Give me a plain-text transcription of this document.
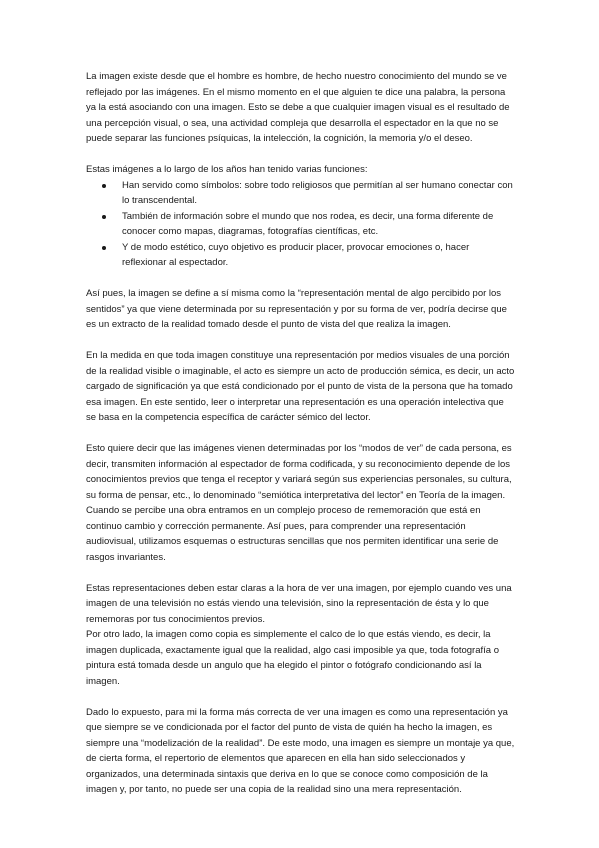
La imagen existe desde que el hombre es hombre, de hecho nuestro conocimiento del mundo se ve reflejado por las imágenes. En el mismo momento en el que alguien te dice una palabra, la persona ya la está asociando con una imagen. Esto se debe a que cualquier imagen visual es el resultado de una percepción visual, o sea, una actividad compleja que desarrolla el espectador en la que no se puede separar las funciones psíquicas, la intelección, la cognición, la memoria y/o el deseo.

Estas imágenes a lo largo de los años han tenido varias funciones:

Han servido como símbolos: sobre todo religiosos que permitían al ser humano conectar con lo transcendental.
También de información sobre el mundo que nos rodea, es decir, una forma diferente de conocer como mapas, diagramas, fotografías científicas, etc.
Y de modo estético, cuyo objetivo es producir placer, provocar emociones o, hacer reflexionar al espectador.

Así pues, la imagen se define a sí misma como la “representación mental de algo percibido por los sentidos” ya que viene determinada por su representación y por su forma de ver, podría decirse que es un extracto de la realidad tomado desde el punto de vista del que realiza la imagen.

En la medida en que toda imagen constituye una representación por medios visuales de una porción de la realidad visible o imaginable, el acto es siempre un acto de producción sémica, es decir, un acto cargado de significación ya que está condicionado por el punto de vista de la persona que ha tomado esa imagen. En este sentido, leer o interpretar una representación es una operación intelectiva que se basa en la competencia específica de carácter sémico del lector.

Esto quiere decir que las imágenes vienen determinadas por los “modos de ver” de cada persona, es decir, transmiten información al espectador de forma codificada, y su reconocimiento depende de los conocimientos previos que tenga el receptor y variará según sus experiencias personales, su cultura, su forma de pensar, etc., lo denominado “semiótica interpretativa del lector” en Teoría de la imagen. Cuando se percibe una obra entramos en un complejo proceso de rememoración que está en continuo cambio y corrección permanente. Así pues, para comprender una representación audiovisual, utilizamos esquemas o estructuras sencillas que nos permiten identificar una serie de rasgos invariantes.

Estas representaciones deben estar claras a la hora de ver una imagen, por ejemplo cuando ves una imagen de una televisión no estás viendo una televisión, sino la representación de ésta y lo que rememoras por tus conocimientos previos.

Por otro lado, la imagen como copia es simplemente el calco de lo que estás viendo, es decir, la imagen duplicada, exactamente igual que la realidad, algo casi imposible ya que, toda fotografía o pintura está tomada desde un angulo que ha elegido el pintor o fotógrafo condicionando así la imagen.

Dado lo expuesto, para mi la forma más correcta de ver una imagen es como una representación ya que siempre se ve condicionada por el factor del punto de vista de quién ha hecho la imagen, es siempre una “modelización de la realidad”. De este modo, una imagen es siempre un montaje ya que, de cierta forma, el repertorio de elementos que aparecen en ella han sido seleccionados y organizados, una determinada sintaxis que deriva en lo que se conoce como composición de la imagen y, por tanto, no puede ser una copia de la realidad sino una mera representación.
